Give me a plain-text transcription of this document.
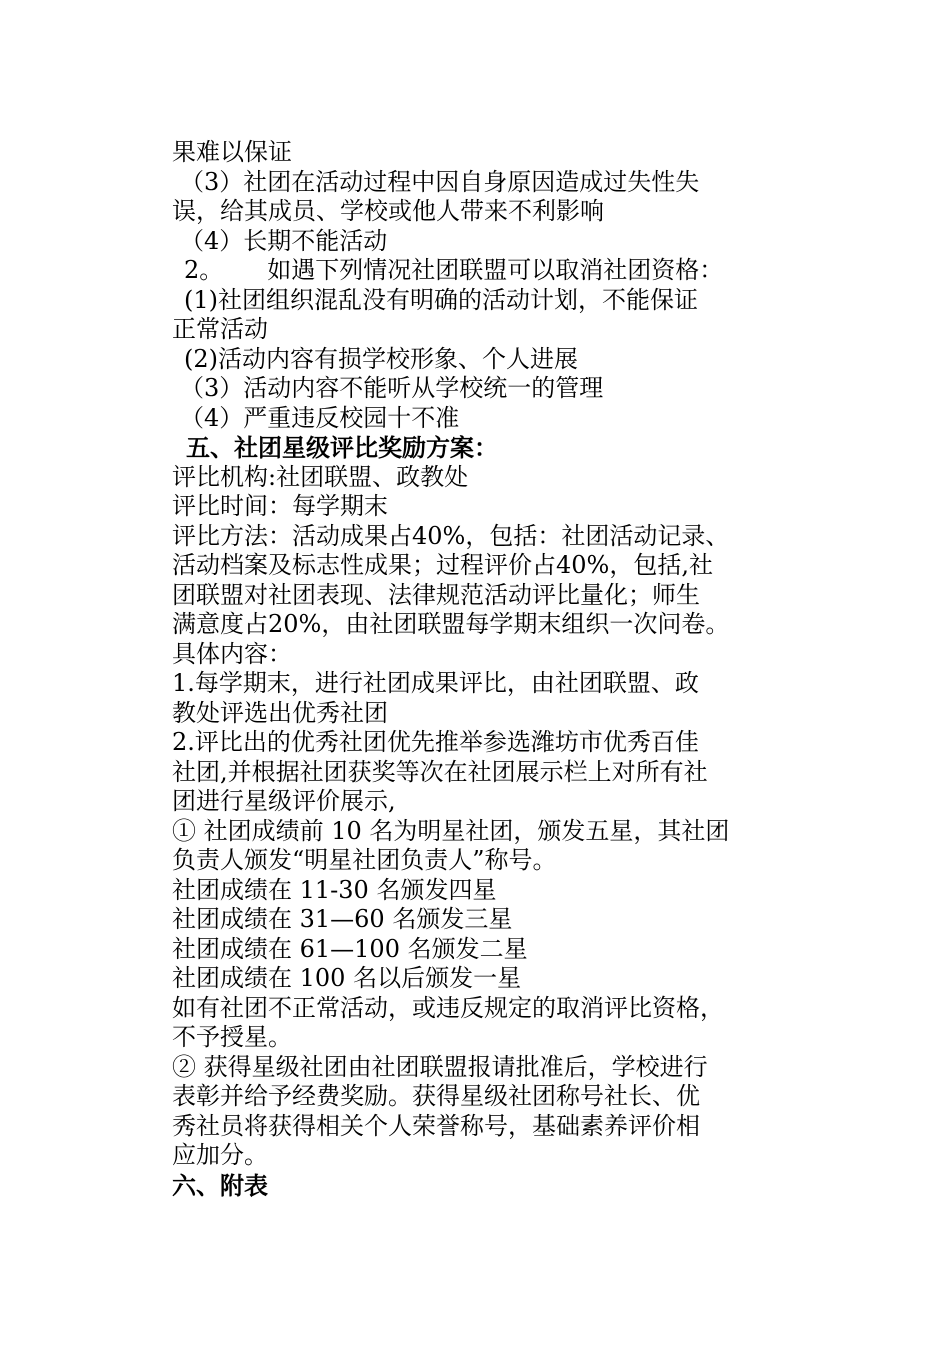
果难以保证
（3）社团在活动过程中因自身原因造成过失性失
误，给其成员、学校或他人带来不利影响
（4）长期不能活动
2。 如遇下列情况社团联盟可以取消社团资格：
(1)社团组织混乱没有明确的活动计划，不能保证
正常活动
(2)活动内容有损学校形象、个人进展
（3）活动内容不能听从学校统一的管理
（4）严重违反校园十不准
五、社团星级评比奖励方案：
评比机构:社团联盟、政教处
评比时间：每学期末
评比方法：活动成果占40%，包括：社团活动记录、
活动档案及标志性成果；过程评价占40%，包括,社
团联盟对社团表现、法律规范活动评比量化；师生
满意度占20%，由社团联盟每学期末组织一次问卷。
具体内容：
1.每学期末，进行社团成果评比，由社团联盟、政
教处评选出优秀社团
2.评比出的优秀社团优先推举参选潍坊市优秀百佳
社团,并根据社团获奖等次在社团展示栏上对所有社
团进行星级评价展示,
① 社团成绩前 10 名为明星社团，颁发五星，其社团
负责人颁发“明星社团负责人”称号。
社团成绩在 11-30 名颁发四星
社团成绩在 31—60 名颁发三星
社团成绩在 61—100 名颁发二星
社团成绩在 100 名以后颁发一星
如有社团不正常活动，或违反规定的取消评比资格，
不予授星。
② 获得星级社团由社团联盟报请批准后，学校进行
表彰并给予经费奖励。获得星级社团称号社长、优
秀社员将获得相关个人荣誉称号，基础素养评价相
应加分。
六、附表
